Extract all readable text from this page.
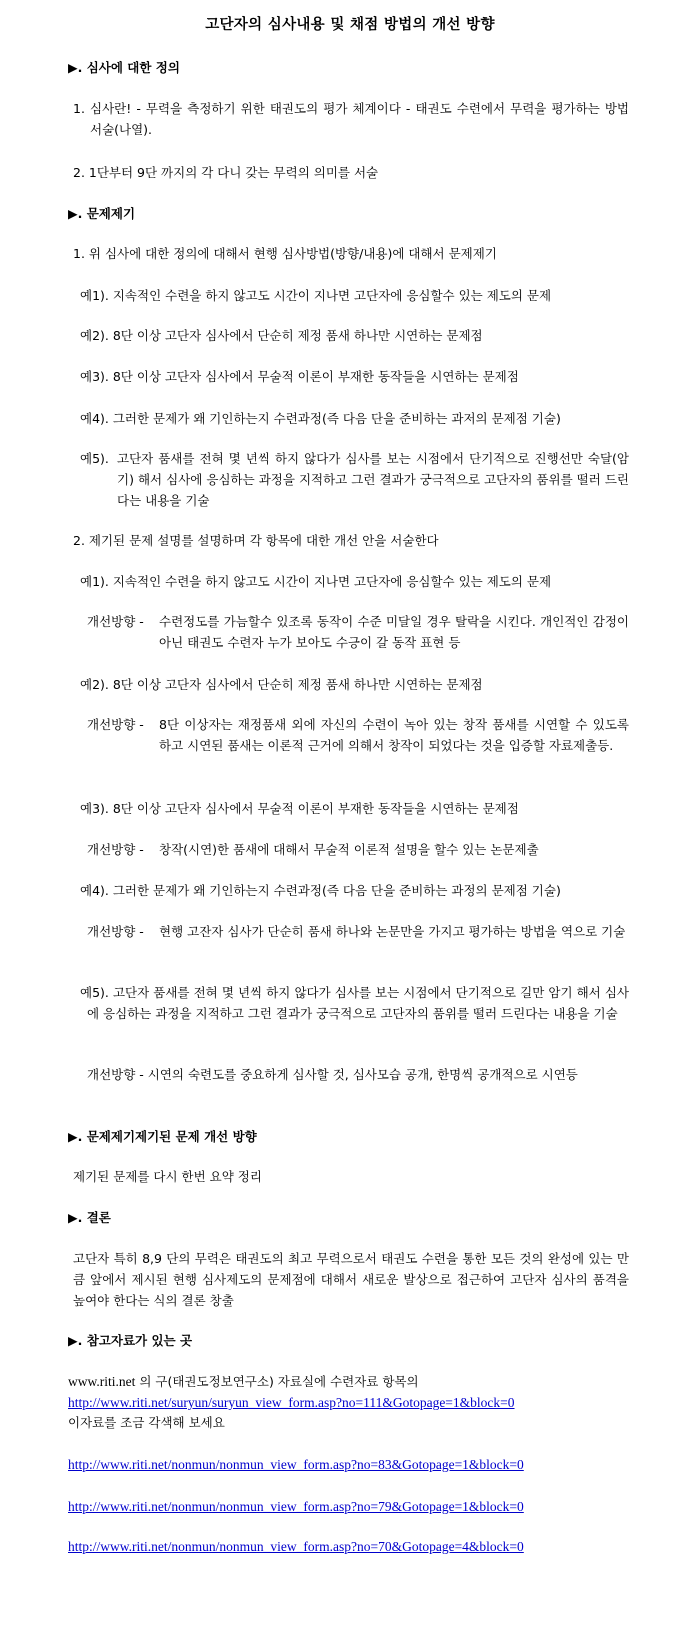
고단자의 심사내용 및 채점 방법의 개선 방향
▶. 심사에 대한 정의
1. 심사란! - 무력을 측정하기 위한 태권도의 평가 체계이다 - 태권도 수련에서 무력을 평가하는 방법 서술(나열).
2. 1단부터 9단 까지의 각 다니 갖는 무력의 의미를 서술
▶. 문제제기
1. 위 심사에 대한 정의에 대해서 현행 심사방법(방향/내용)에 대해서 문제제기
예1). 지속적인 수련을 하지 않고도 시간이 지나면 고단자에 응심할수 있는 제도의 문제
예2). 8단 이상 고단자 심사에서 단순히 제정 품새 하나만 시연하는 문제점
예3). 8단 이상 고단자 심사에서 무술적 이론이 부재한 동작들을 시연하는 문제점
예4). 그러한 문제가 왜 기인하는지 수련과정(즉 다음 단을 준비하는 과저의 문제점 기술)
예5). 고단자 품새를 전혀 몇 년씩 하지 않다가 심사를 보는 시점에서 단기적으로 진행선만 숙달(암기) 해서 심사에 응심하는 과정을 지적하고 그런 결과가 궁극적으로 고단자의 품위를 떨러 드린다는 내용을 기술
2. 제기된 문제 설명를 설명하며 각 항목에 대한 개선 안을 서술한다
예1). 지속적인 수련을 하지 않고도 시간이 지나면 고단자에 응심할수 있는 제도의 문제
개선방향 - 수련정도를 가늠할수 있조록 동작이 수준 미달일 경우 탈락을 시킨다. 개인적인 감정이 아닌 태권도 수련자 누가 보아도 수긍이 갈 동작 표현 등
예2). 8단 이상 고단자 심사에서 단순히 제정 품새 하나만 시연하는 문제점
개선방향 - 8단 이상자는 재정품새 외에 자신의 수련이 녹아 있는 창작 품새를 시연할 수 있도록 하고 시연된 품새는 이론적 근거에 의해서 창작이 되었다는 것을 입증할 자료제출등.
예3). 8단 이상 고단자 심사에서 무술적 이론이 부재한 동작들을 시연하는 문제점
개선방향 - 창작(시연)한 품새에 대해서 무술적 이론적 설명을 할수 있는 논문제출
예4). 그러한 문제가 왜 기인하는지 수련과정(즉 다음 단을 준비하는 과정의 문제점 기술)
개선방향 - 현행 고잔자 심사가 단순히 품새 하나와 논문만을 가지고 평가하는 방법을 역으로 기술
예5). 고단자 품새를 전혀 몇 년씩 하지 않다가 심사를 보는 시점에서 단기적으로 길만 암기 해서 심사에 응심하는 과정을 지적하고 그런 결과가 궁극적으로 고단자의 품위를 떨러 드린다는 내용을 기술
개선방향 - 시연의 숙련도를 중요하게 심사할 것, 심사모습 공개, 한명씩 공개적으로 시연등
▶. 문제제기제기된 문제 개선 방향
제기된 문제를 다시 한번 요약 정리
▶. 결론
고단자 특히 8,9 단의 무력은 태권도의 최고 무력으로서 태권도 수련을 통한 모든 것의 완성에 있는 만큼 앞에서 제시된 현행 심사제도의 문제점에 대해서 새로운 발상으로 접근하여 고단자 심사의 품격을 높여야 한다는 식의 결론 창출
▶. 참고자료가 있는 곳
www.riti.net 의 구(태권도정보연구소) 자료실에 수련자료 항목의
http://www.riti.net/suryun/suryun_view_form.asp?no=111&Gotopage=1&block=0
이자료를 조금 각색해 보세요
http://www.riti.net/nonmun/nonmun_view_form.asp?no=83&Gotopage=1&block=0
http://www.riti.net/nonmun/nonmun_view_form.asp?no=79&Gotopage=1&block=0
http://www.riti.net/nonmun/nonmun_view_form.asp?no=70&Gotopage=4&block=0
